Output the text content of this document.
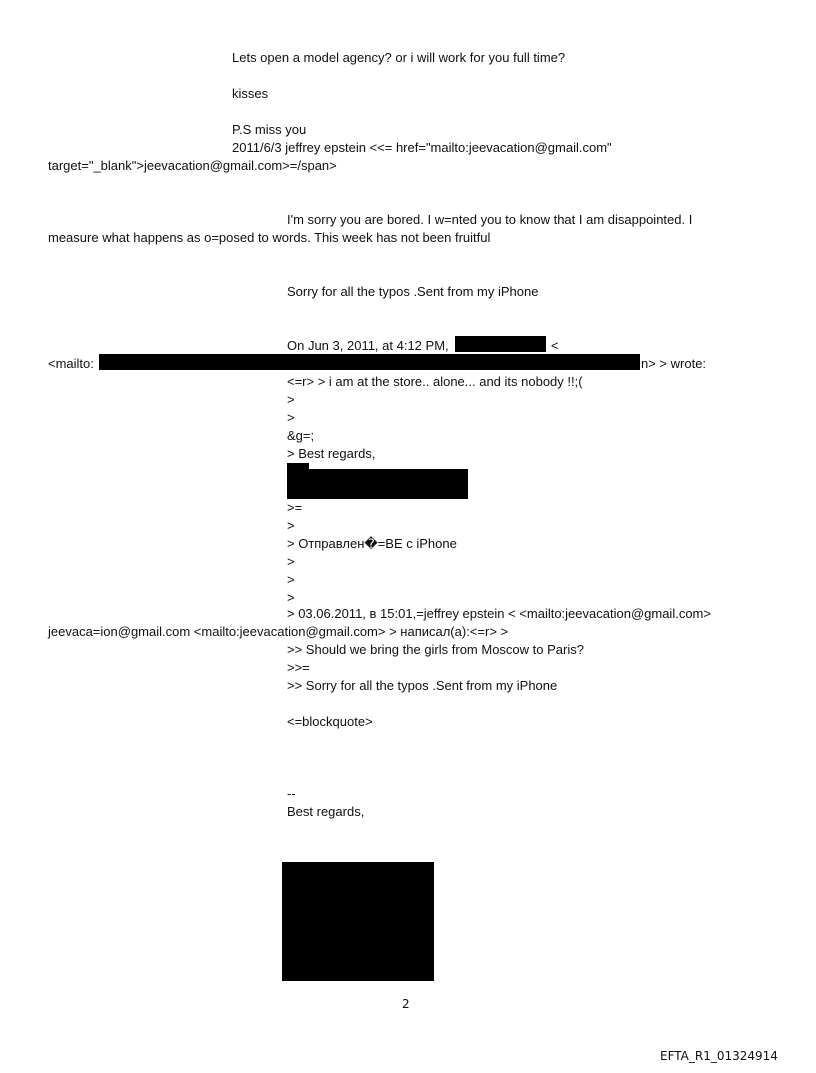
Lets open a model agency? or i will work for you full time?
kisses
P.S miss you
2011/6/3 jeffrey epstein <<= href="mailto:jeevacation@gmail.com"
target="_blank">jeevacation@gmail.com>=/span>
I'm sorry you are bored. I w=nted you to know that I am disappointed. I
measure what happens as o=posed to words. This week has not been fruitful
Sorry for all the typos .Sent from my iPhone
On Jun 3, 2011, at 4:12 PM,	<
<mailto:	n> > wrote:
<=r> > i am at the store.. alone... and its nobody !!;(
>
>
&g=;
> Best regards,
>=
>
> Отправлен�=BE с iPhone
>
>
>
> 03.06.2011, в 15:01,=jeffrey epstein < <mailto:jeevacation@gmail.com>
jeevaca=ion@gmail.com <mailto:jeevacation@gmail.com> > написал(а):<=r> >
>> Should we bring the girls from Moscow to Paris?
>>=
>> Sorry for all the typos .Sent from my iPhone
<=blockquote>
--
Best regards,
2
EFTA_R1_01324914
